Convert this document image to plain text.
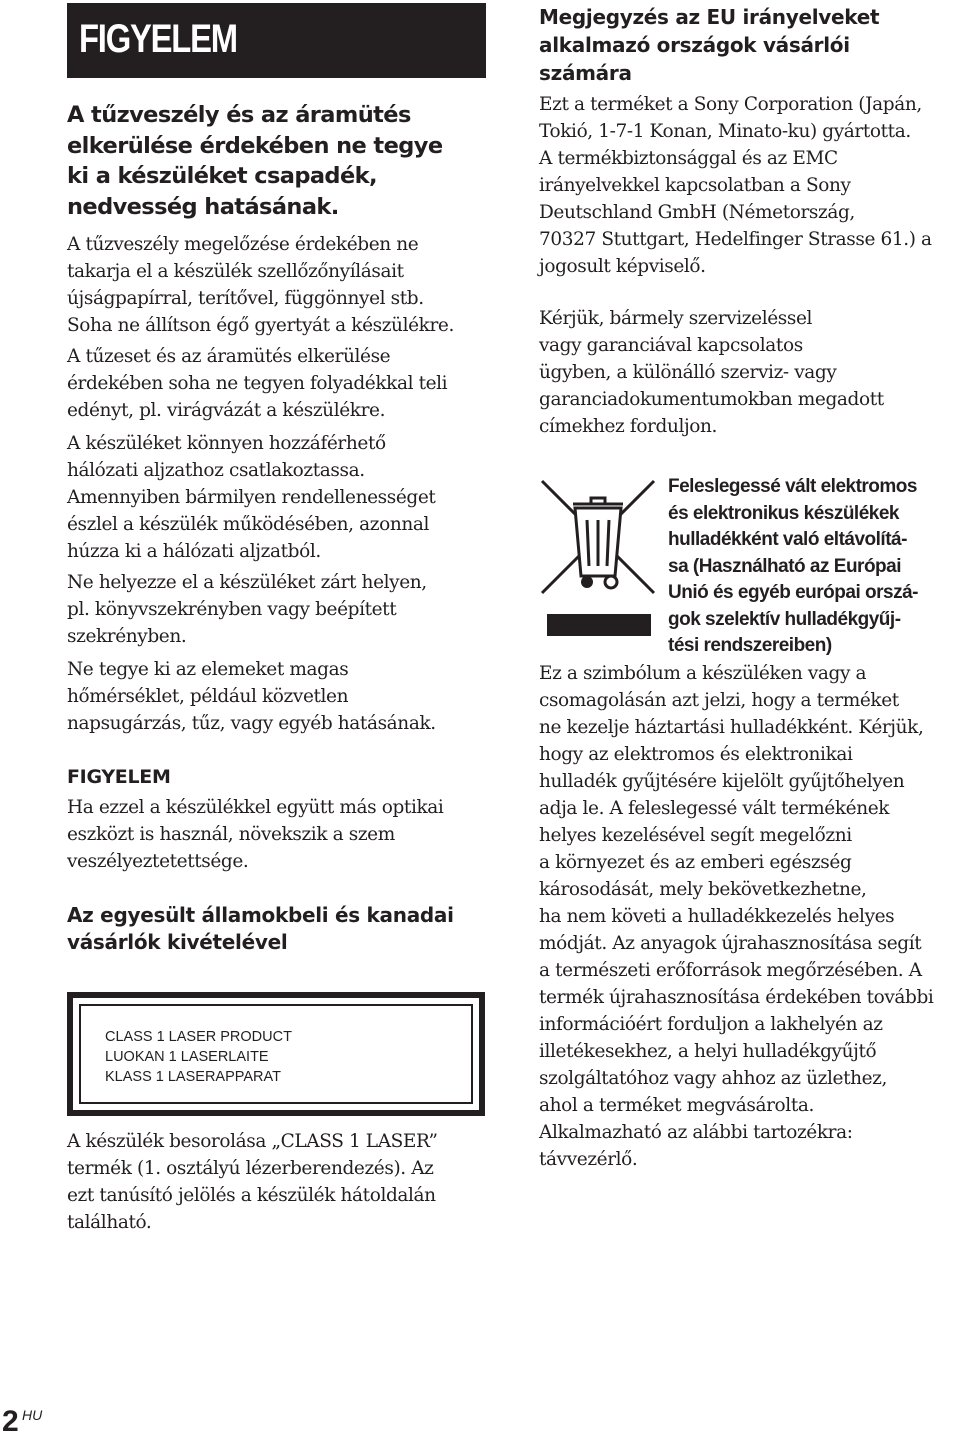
FIGYELEM
A tűzveszély és az áramütés
elkerülése érdekében ne tegye
ki a készüléket csapadék,
nedvesség hatásának.

A tűzveszély megelőzése érdekében ne

takarja el a készülék szellőzőnyílásait

újságpapírral, terítővel, függönnyel stb.

Soha ne állítson égő gyertyát a készülékre.

A tűzeset és az áramütés elkerülése

érdekében soha ne tegyen folyadékkal teli

edényt, pl. virágvázát a készülékre.

A készüléket könnyen hozzáférhető

hálózati aljzathoz csatlakoztassa.

Amennyiben bármilyen rendellenességet

észlel a készülék működésében, azonnal

húzza ki a hálózati aljzatból.

Ne helyezze el a készüléket zárt helyen,

pl. könyvszekrényben vagy beépített

szekrényben.

Ne tegye ki az elemeket magas

hőmérséklet, például közvetlen

napsugárzás, tűz, vagy egyéb hatásának.

FIGYELEM

Ha ezzel a készülékkel együtt más optikai

eszközt is használ, növekszik a szem

veszélyeztetettsége.

Az egyesült államokbeli és kanadai
vásárlók kivételével
CLASS 1 LASER PRODUCT
LUOKAN 1 LASERLAITE
KLASS 1 LASERAPPARAT

A készülék besorolása „CLASS 1 LASER”

termék (1. osztályú lézerberendezés). Az

ezt tanúsító jelölés a készülék hátoldalán

található.

Megjegyzés az EU irányelveket
alkalmazó országok vásárlói
számára

Ezt a terméket a Sony Corporation (Japán,

Tokió, 1-7-1 Konan, Minato-ku) gyártotta.

A termékbiztonsággal és az EMC

irányelvekkel kapcsolatban a Sony

Deutschland GmbH (Németország,

70327 Stuttgart, Hedelfinger Strasse 61.) a

jogosult képviselő.

Kérjük, bármely szervizeléssel

vagy garanciával kapcsolatos

ügyben, a különálló szerviz- vagy

garanciadokumentumokban megadott

címekhez forduljon.

Feleslegessé vált elektromos
és elektronikus készülékek
hulladékként való eltávolítá-
sa (Használható az Európai
Unió és egyéb európai orszá-
gok szelektív hulladékgyűj-
tési rendszereiben)

Ez a szimbólum a készüléken vagy a

csomagolásán azt jelzi, hogy a terméket

ne kezelje háztartási hulladékként. Kérjük,

hogy az elektromos és elektronikai

hulladék gyűjtésére kijelölt gyűjtőhelyen

adja le. A feleslegessé vált termékének

helyes kezelésével segít megelőzni

a környezet és az emberi egészség

károsodását, mely bekövetkezhetne,

ha nem követi a hulladékkezelés helyes

módját. Az anyagok újrahasznosítása segít

a természeti erőforrások megőrzésében. A

termék újrahasznosítása érdekében további

információért forduljon a lakhelyén az

illetékesekhez, a helyi hulladékgyűjtő

szolgáltatóhoz vagy ahhoz az üzlethez,

ahol a terméket megvásárolta.

Alkalmazható az alábbi tartozékra:

távvezérlő.

2 HU
